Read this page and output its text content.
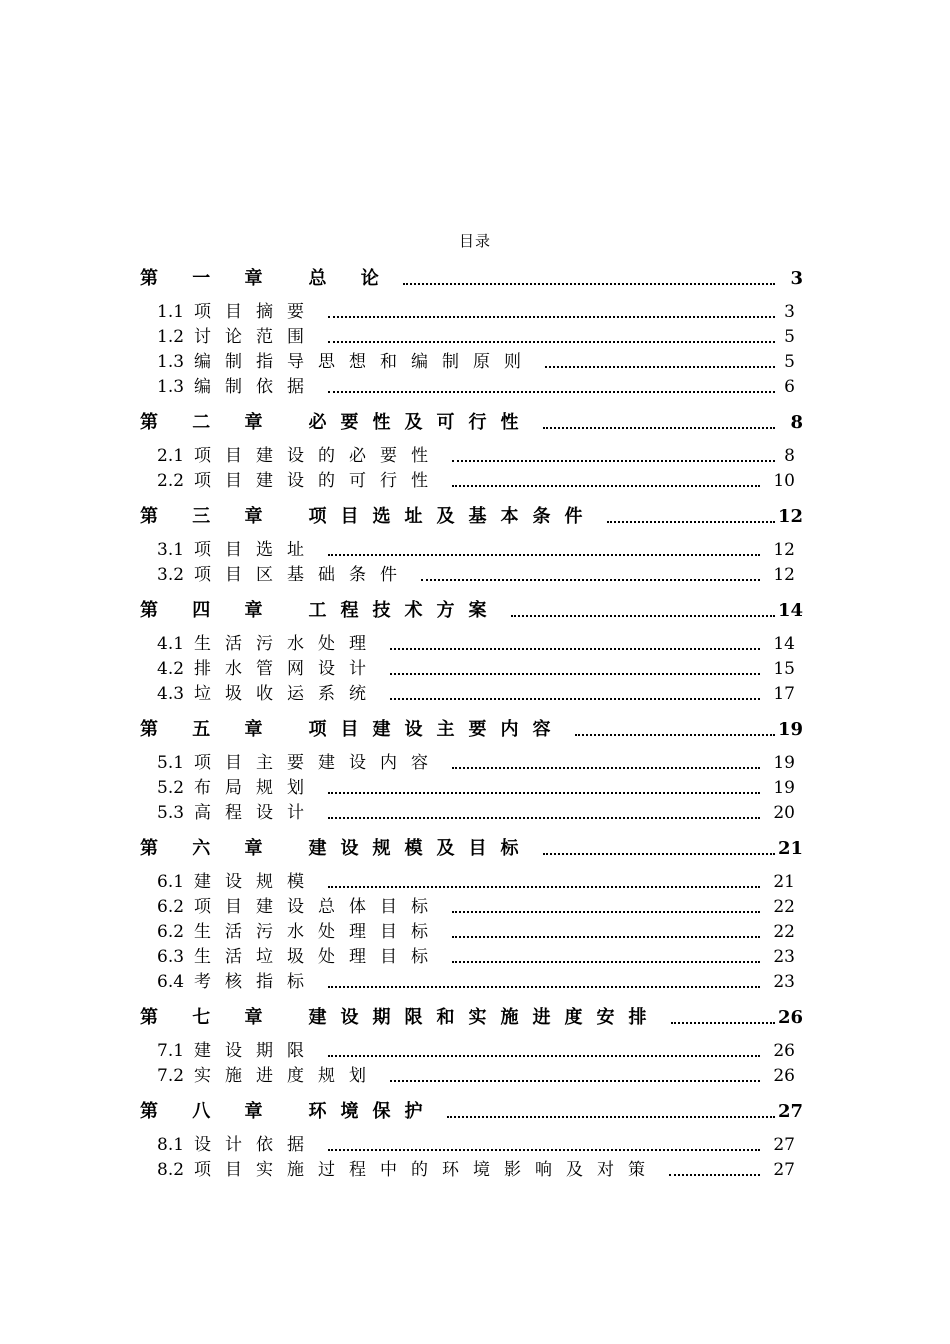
目录
第 一 章　总 论	3
1.1 项目摘要	3
1.2 讨论范围	5
1.3 编制指导思想和编制原则	5
1.3 编制依据	6
第 二 章　必要性及可行性	8
2.1 项目建设的必要性	8
2.2 项目建设的可行性	10
第 三 章　项目选址及基本条件	12
3.1 项目选址	12
3.2 项目区基础条件	12
第 四 章　工程技术方案	14
4.1 生活污水处理	14
4.2 排水管网设计	15
4.3 垃圾收运系统	17
第 五 章　项目建设主要内容	19
5.1 项目主要建设内容	19
5.2 布局规划	19
5.3 高程设计	20
第 六 章　建设规模及目标	21
6.1 建设规模	21
6.2 项目建设总体目标	22
6.2 生活污水处理目标	22
6.3 生活垃圾处理目标	23
6.4 考核指标	23
第 七 章　建设期限和实施进度安排	26
7.1 建设期限	26
7.2 实施进度规划	26
第 八 章　环境保护	27
8.1 设计依据	27
8.2 项目实施过程中的环境影响及对策	27
